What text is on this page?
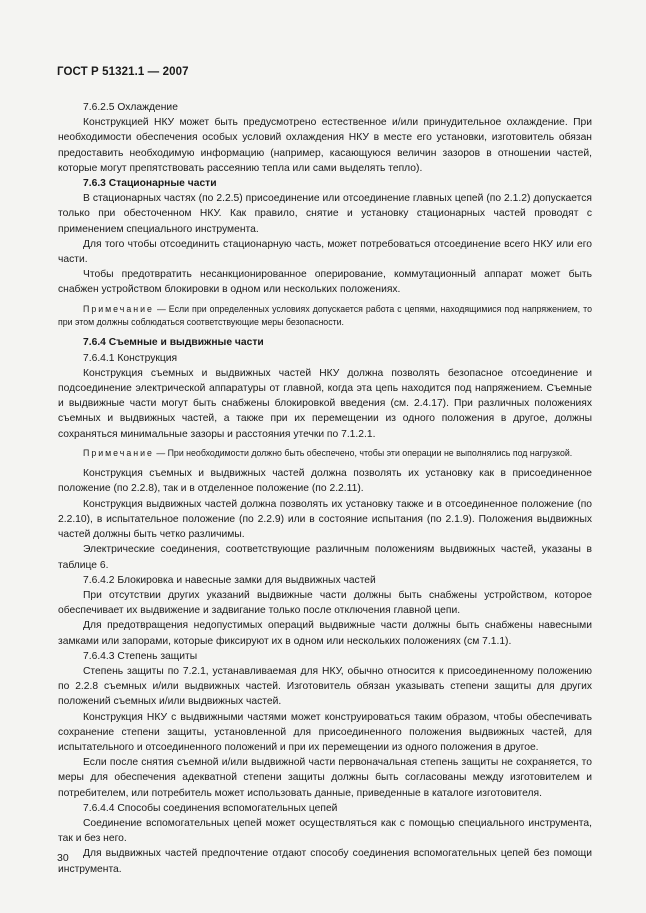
ГОСТ Р 51321.1 — 2007

7.6.2.5 Охлаждение

Конструкцией НКУ может быть предусмотрено естественное и/или принудительное охлаждение. При необходимости обеспечения особых условий охлаждения НКУ в месте его установки, изготовитель обязан предоставить необходимую информацию (например, касающуюся величин зазоров в отношении частей, которые могут препятствовать рассеянию тепла или сами выделять тепло).

7.6.3 Стационарные части

В стационарных частях (по 2.2.5) присоединение или отсоединение главных цепей (по 2.1.2) допускается только при обесточенном НКУ. Как правило, снятие и установку стационарных частей проводят с применением специального инструмента.

Для того чтобы отсоединить стационарную часть, может потребоваться отсоединение всего НКУ или его части.

Чтобы предотвратить несанкционированное оперирование, коммутационный аппарат может быть снабжен устройством блокировки в одном или нескольких положениях.

Примечание — Если при определенных условиях допускается работа с цепями, находящимися под напряжением, то при этом должны соблюдаться соответствующие меры безопасности.

7.6.4 Съемные и выдвижные части

7.6.4.1 Конструкция

Конструкция съемных и выдвижных частей НКУ должна позволять безопасное отсоединение и подсоединение электрической аппаратуры от главной, когда эта цепь находится под напряжением. Съемные и выдвижные части могут быть снабжены блокировкой введения (см. 2.4.17). При различных положениях съемных и выдвижных частей, а также при их перемещении из одного положения в другое, должны сохраняться минимальные зазоры и расстояния утечки по 7.1.2.1.

Примечание — При необходимости должно быть обеспечено, чтобы эти операции не выполнялись под нагрузкой.

Конструкция съемных и выдвижных частей должна позволять их установку как в присоединенное положение (по 2.2.8), так и в отделенное положение (по 2.2.11).

Конструкция выдвижных частей должна позволять их установку также и в отсоединенное положение (по 2.2.10), в испытательное положение (по 2.2.9) или в состояние испытания (по 2.1.9). Положения выдвижных частей должны быть четко различимы.

Электрические соединения, соответствующие различным положениям выдвижных частей, указаны в таблице 6.

7.6.4.2 Блокировка и навесные замки для выдвижных частей

При отсутствии других указаний выдвижные части должны быть снабжены устройством, которое обеспечивает их выдвижение и задвигание только после отключения главной цепи.

Для предотвращения недопустимых операций выдвижные части должны быть снабжены навесными замками или запорами, которые фиксируют их в одном или нескольких положениях (см 7.1.1).

7.6.4.3 Степень защиты

Степень защиты по 7.2.1, устанавливаемая для НКУ, обычно относится к присоединенному положению по 2.2.8 съемных и/или выдвижных частей. Изготовитель обязан указывать степени защиты для других положений съемных и/или выдвижных частей.

Конструкция НКУ с выдвижными частями может конструироваться таким образом, чтобы обеспечивать сохранение степени защиты, установленной для присоединенного положения выдвижных частей, для испытательного и отсоединенного положений и при их перемещении из одного положения в другое.

Если после снятия съемной и/или выдвижной части первоначальная степень защиты не сохраняется, то меры для обеспечения адекватной степени защиты должны быть согласованы между изготовителем и потребителем, или потребитель может использовать данные, приведенные в каталоге изготовителя.

7.6.4.4 Способы соединения вспомогательных цепей

Соединение вспомогательных цепей может осуществляться как с помощью специального инструмента, так и без него.

Для выдвижных частей предпочтение отдают способу соединения вспомогательных цепей без помощи инструмента.

30
